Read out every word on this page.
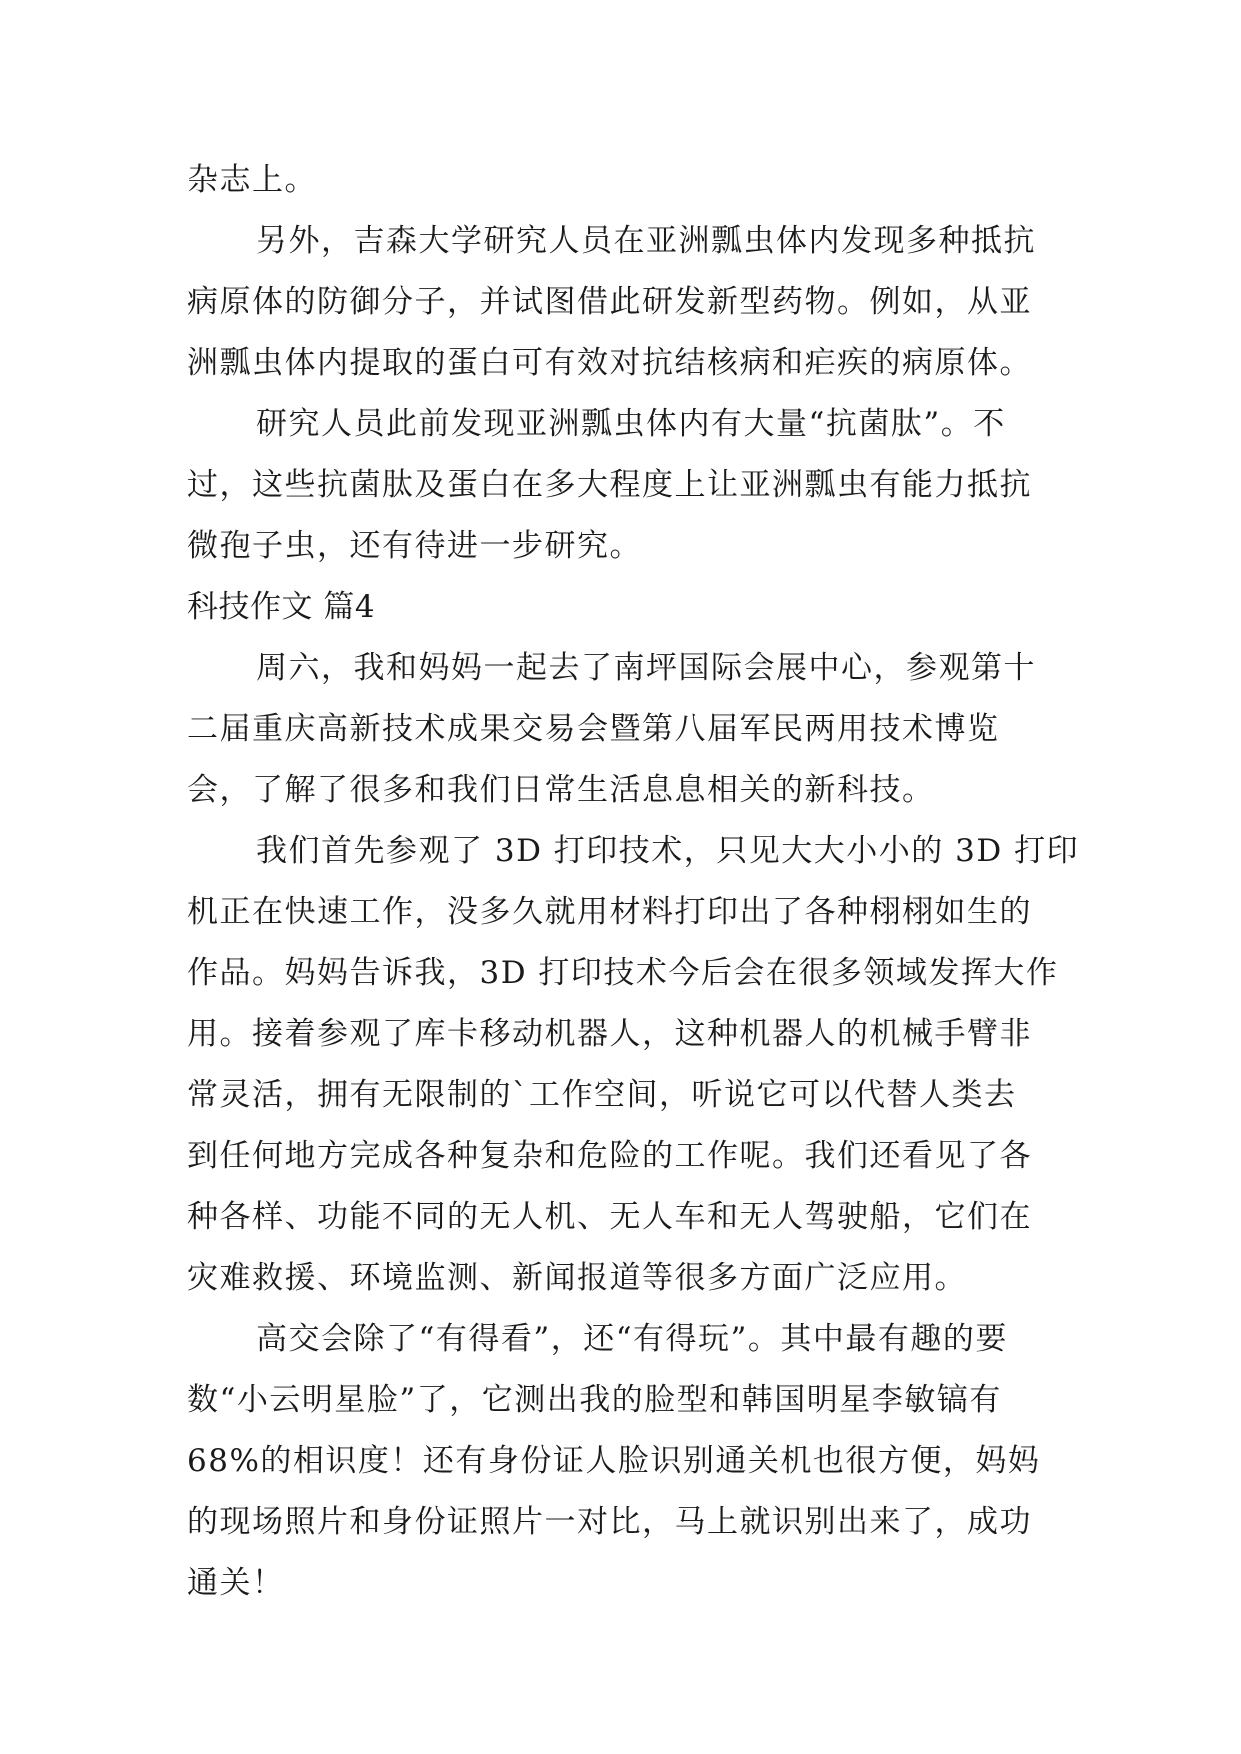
杂志上。
另外，吉森大学研究人员在亚洲瓢虫体内发现多种抵抗
病原体的防御分子，并试图借此研发新型药物。例如，从亚
洲瓢虫体内提取的蛋白可有效对抗结核病和疟疾的病原体。
研究人员此前发现亚洲瓢虫体内有大量“抗菌肽”。不
过，这些抗菌肽及蛋白在多大程度上让亚洲瓢虫有能力抵抗
微孢子虫，还有待进一步研究。
科技作文 篇4
周六，我和妈妈一起去了南坪国际会展中心，参观第十
二届重庆高新技术成果交易会暨第八届军民两用技术博览
会，了解了很多和我们日常生活息息相关的新科技。
我们首先参观了 3D 打印技术，只见大大小小的 3D 打印
机正在快速工作，没多久就用材料打印出了各种栩栩如生的
作品。妈妈告诉我，3D 打印技术今后会在很多领域发挥大作
用。接着参观了库卡移动机器人，这种机器人的机械手臂非
常灵活，拥有无限制的`工作空间，听说它可以代替人类去
到任何地方完成各种复杂和危险的工作呢。我们还看见了各
种各样、功能不同的无人机、无人车和无人驾驶船，它们在
灾难救援、环境监测、新闻报道等很多方面广泛应用。
高交会除了“有得看”，还“有得玩”。其中最有趣的要
数“小云明星脸”了，它测出我的脸型和韩国明星李敏镐有
68%的相识度！还有身份证人脸识别通关机也很方便，妈妈
的现场照片和身份证照片一对比，马上就识别出来了，成功
通关！
